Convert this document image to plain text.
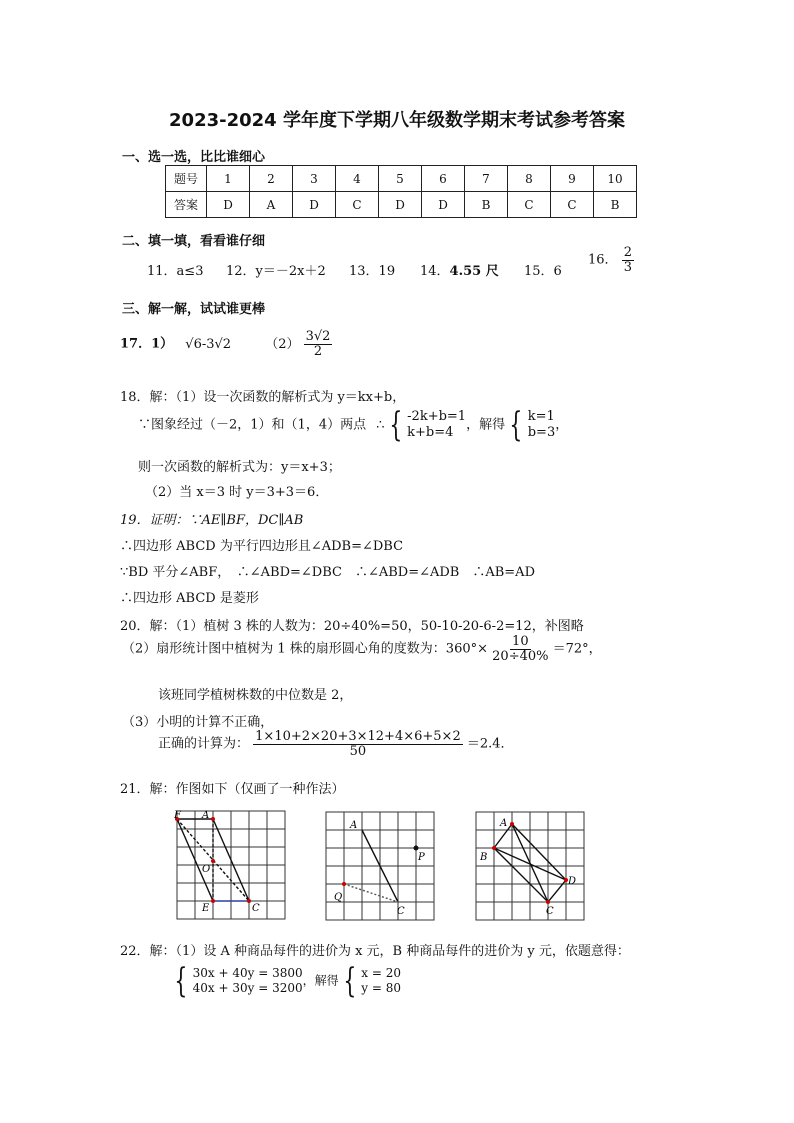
2023-2024 学年度下学期八年级数学期末考试参考答案
一、选一选，比比谁细心
题号	1	2	3	4	5	6	7	8	9	10
答案	D	A	D	C	D	D	B	C	C	B
二、填一填，看看谁仔细
11．a≤3 12．y＝－2x＋2 13．19 14．4.55 尺 15．6
16． $\frac{2}{3}$
三、解一解，试试谁更棒
17．1） √6-3√2	$(2) \frac{3√2}{2}$
18．解：（1）设一次函数的解析式为 y＝kx+b，
∵图象经过（－2，1）和（1，4）两点 ∴ { -2k+b=1
k+b=4 ，解得 { k=1
b=3 ，
则一次函数的解析式为：y＝x+3；
（2）当 x＝3 时 y＝3+3＝6．
19．证明：∵AE∥BF，DC∥AB
∴四边形 ABCD 为平行四边形且∠ADB=∠DBC
∵BD 平分∠ABF，　∴∠ABD=∠DBC　∴∠ABD=∠ADB　∴AB=AD
∴四边形 ABCD 是菱形
20．解：（1）植树 3 株的人数为：20÷40%=50，50-10-20-6-2=12，补图略
（2）扇形统计图中植树为 1 株的扇形圆心角的度数为：$360^\circ\times \frac{10}{20\div 40\%} =72^\circ$，
该班同学植树株数的中位数是 2，
（3）小明的计算不正确，
正确的计算为： $\frac{1\times 10+2\times 20+3\times 12+4\times 6+5\times 2}{50} =2.4$．
21．解：作图如下（仅画了一种作法）
F A
O
E	C
A
P
Q
C
A
B
D
C
22．解：（1）设 A 种商品每件的进价为 x 元，B 种商品每件的进价为 y 元，依题意得：
{ 30x + 40y = 3800
40x + 30y = 3200
，解得 { x = 20
y = 80
